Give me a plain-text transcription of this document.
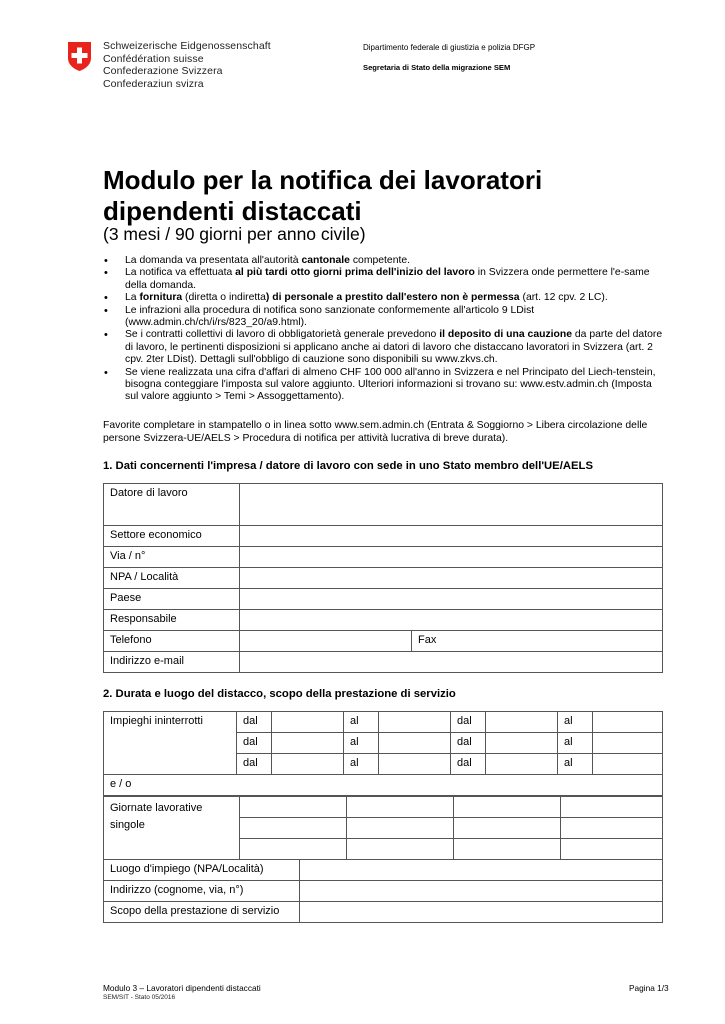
Schweizerische Eidgenossenschaft
Confédération suisse
Confederazione Svizzera
Confederaziun svizra
Dipartimento federale di giustizia e polizia DFGP
Segretaria di Stato della migrazione SEM
Modulo per la notifica dei lavoratori
dipendenti distaccati
(3 mesi / 90 giorni per anno civile)
• La domanda va presentata all'autorità cantonale competente.
• La notifica va effettuata al più tardi otto giorni prima dell'inizio del lavoro in Svizzera onde permettere l'e-same della domanda.
• La fornitura (diretta o indiretta) di personale a prestito dall'estero non è permessa (art. 12 cpv. 2 LC).
• Le infrazioni alla procedura di notifica sono sanzionate conformemente all'articolo 9 LDist (www.admin.ch/ch/i/rs/823_20/a9.html).
• Se i contratti collettivi di lavoro di obbligatorietà generale prevedono il deposito di una cauzione da parte del datore di lavoro, le pertinenti disposizioni si applicano anche ai datori di lavoro che distaccano lavoratori in Svizzera (art. 2 cpv. 2ter LDist). Dettagli sull'obbligo di cauzione sono disponibili su www.zkvs.ch.
• Se viene realizzata una cifra d'affari di almeno CHF 100 000 all'anno in Svizzera e nel Principato del Liech-tenstein, bisogna conteggiare l'imposta sul valore aggiunto. Ulteriori informazioni si trovano su: www.estv.admin.ch (Imposta sul valore aggiunto > Temi > Assoggettamento).
Favorite completare in stampatello o in linea sotto www.sem.admin.ch (Entrata & Soggiorno > Libera circolazione delle persone Svizzera-UE/AELS > Procedura di notifica per attività lucrativa di breve durata).
1. Dati concernenti l'impresa / datore di lavoro con sede in uno Stato membro dell'UE/AELS
Datore di lavoro		

Settore economico		

Via / n°		

NPA / Località		

Paese		

Responsabile		

Telefono		Fax

Indirizzo e-mail		

2. Durata e luogo del distacco, scopo della prestazione di servizio
Impieghi ininterrotti	dal		al		dal		al	

	dal		al		dal		al	

	dal		al		dal		al	

e / o								
Giornate lavorative singole				

Luogo d'impiego (NPA/Località)	

Indirizzo (cognome, via, n°)	

Scopo della prestazione di servizio	

Modulo 3 – Lavoratori dipendenti distaccati
SEM/SIT - Stato 05/2016
Pagina 1/3
